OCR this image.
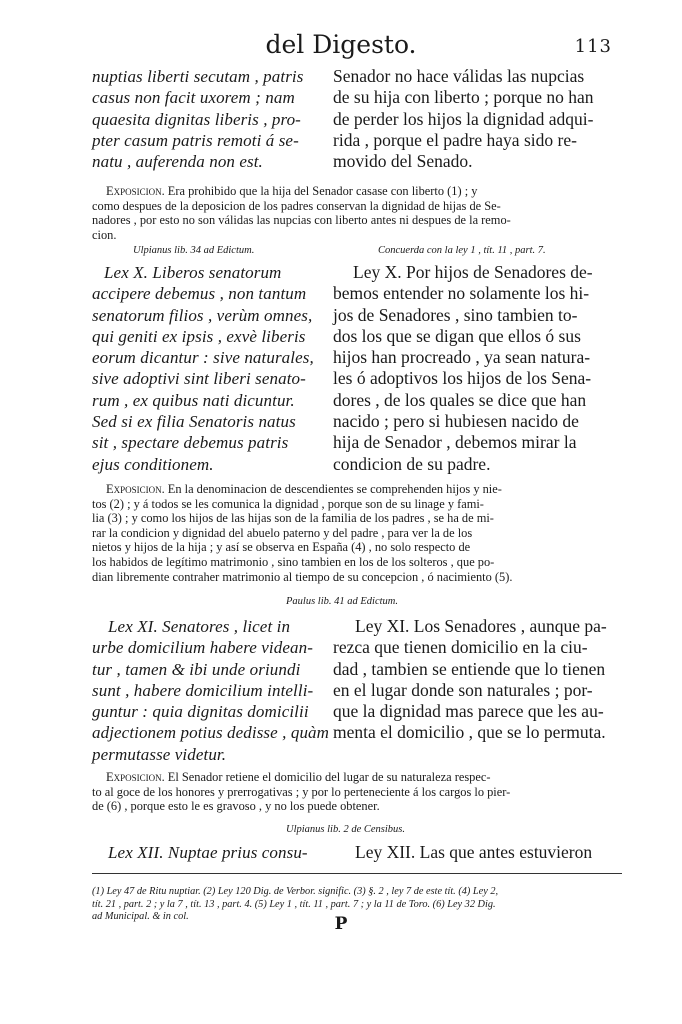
del Digesto.	113
nuptias liberti secutam , patris
casus non facit uxorem ; nam
quaesita dignitas liberis , pro-
pter casum patris remoti á se-
natu , auferenda non est.
Senador no hace válidas las nupcias
de su hija con liberto ; porque no han
de perder los hijos la dignidad adqui-
rida , porque el padre haya sido re-
movido del Senado.
Exposicion. Era prohibido que la hija del Senador casase con liberto (1) ; y
como despues de la deposicion de los padres conservan la dignidad de hijas de Se-
nadores , por esto no son válidas las nupcias con liberto antes ni despues de la remo-
cion.
Ulpianus lib. 34 ad Edictum.	Concuerda con la ley 1 , tít. 11 , part. 7.
Lex X. Liberos senatorum
accipere debemus , non tantum
senatorum filios , verùm omnes,
qui geniti ex ipsis , exvè liberis
eorum dicantur : sive naturales,
sive adoptivi sint liberi senato-
rum , ex quibus nati dicuntur.
Sed si ex filia Senatoris natus
sit , spectare debemus patris
ejus conditionem.
Ley X. Por hijos de Senadores de-
bemos entender no solamente los hi-
jos de Senadores , sino tambien to-
dos los que se digan que ellos ó sus
hijos han procreado , ya sean natura-
les ó adoptivos los hijos de los Sena-
dores , de los quales se dice que han
nacido ; pero si hubiesen nacido de
hija de Senador , debemos mirar la
condicion de su padre.
Exposicion. En la denominacion de descendientes se comprehenden hijos y nie-
tos (2) ; y á todos se les comunica la dignidad , porque son de su linage y fami-
lia (3) ; y como los hijos de las hijas son de la familia de los padres , se ha de mi-
rar la condicion y dignidad del abuelo paterno y del padre , para ver la de los
nietos y hijos de la hija ; y así se observa en España (4) , no solo respecto de
los habidos de legítimo matrimonio , sino tambien en los de los solteros , que po-
dian libremente contraher matrimonio al tiempo de su concepcion , ó nacimiento (5).
Paulus lib. 41 ad Edictum.
Lex XI. Senatores , licet in
urbe domicilium habere videan-
tur , tamen & ibi unde oriundi
sunt , habere domicilium intelli-
guntur : quia dignitas domicilii
adjectionem potius dedisse , quàm
permutasse videtur.
Ley XI. Los Senadores , aunque pa-
rezca que tienen domicilio en la ciu-
dad , tambien se entiende que lo tienen
en el lugar donde son naturales ; por-
que la dignidad mas parece que les au-
menta el domicilio , que se lo permuta.
Exposicion. El Senador retiene el domicilio del lugar de su naturaleza respec-
to al goce de los honores y prerrogativas ; y por lo perteneciente á los cargos lo pier-
de (6) , porque esto le es gravoso , y no los puede obtener.
Ulpianus lib. 2 de Censibus.
Lex XII. Nuptae prius consu-	Ley XII. Las que antes estuvieron
(1) Ley 47 de Ritu nuptiar. (2) Ley 120 Dig. de Verbor. signific. (3) §. 2 , ley 7 de este tít. (4) Ley 2,
tít. 21 , part. 2 ; y la 7 , tít. 13 , part. 4. (5) Ley 1 , tít. 11 , part. 7 ; y la 11 de Toro. (6) Ley 32 Dig.
ad Municipal. & in col.	P
